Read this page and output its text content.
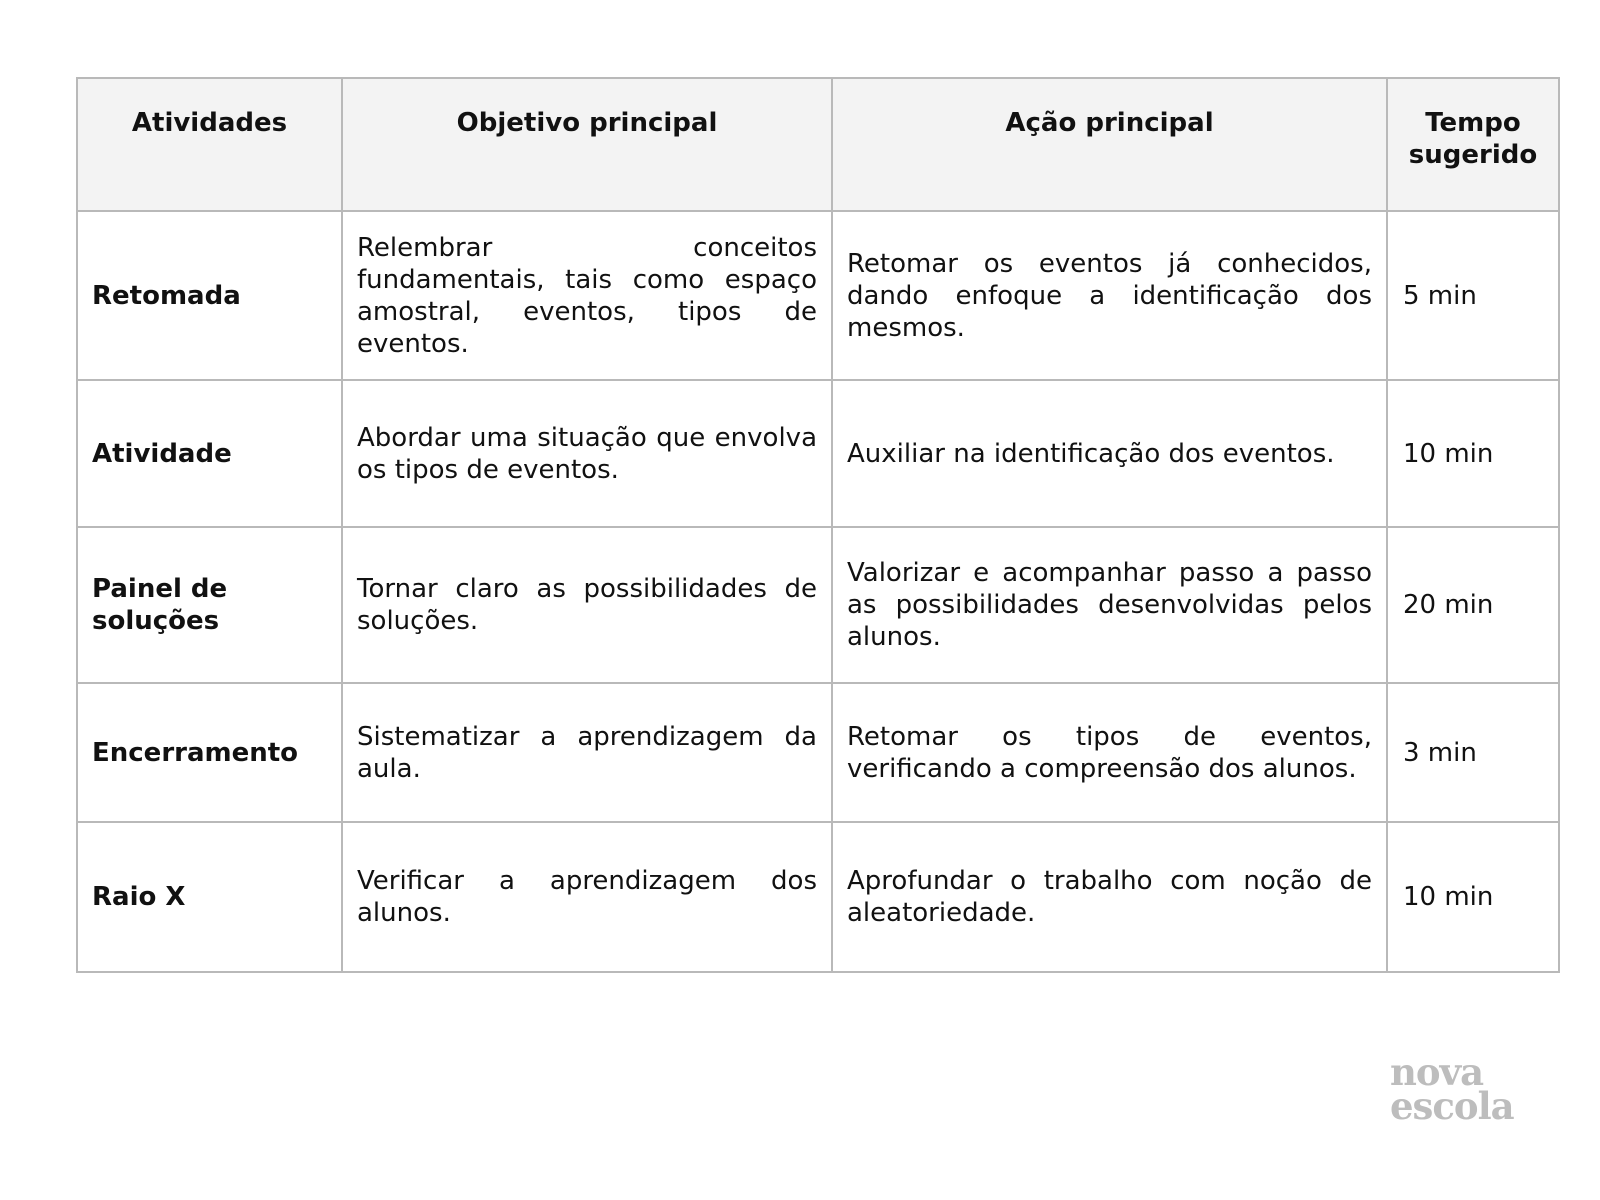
Atividades	Objetivo principal	Ação principal	Tempo sugerido
Retomada	Relembrar conceitos fundamentais, tais como espaço amostral, eventos, tipos de eventos.	Retomar os eventos já conhecidos, dando enfoque a identificação dos mesmos.	5 min
Atividade	Abordar uma situação que envolva os tipos de eventos.	Auxiliar na identificação dos eventos.	10 min
Painel de soluções	Tornar claro as possibilidades de soluções.	Valorizar e acompanhar passo a passo as possibilidades desenvolvidas pelos alunos.	20 min
Encerramento	Sistematizar a aprendizagem da aula.	Retomar os tipos de eventos, verificando a compreensão dos alunos.	3 min
Raio X	Verificar a aprendizagem dos alunos.	Aprofundar o trabalho com noção de aleatoriedade.	10 min
nova
escola
